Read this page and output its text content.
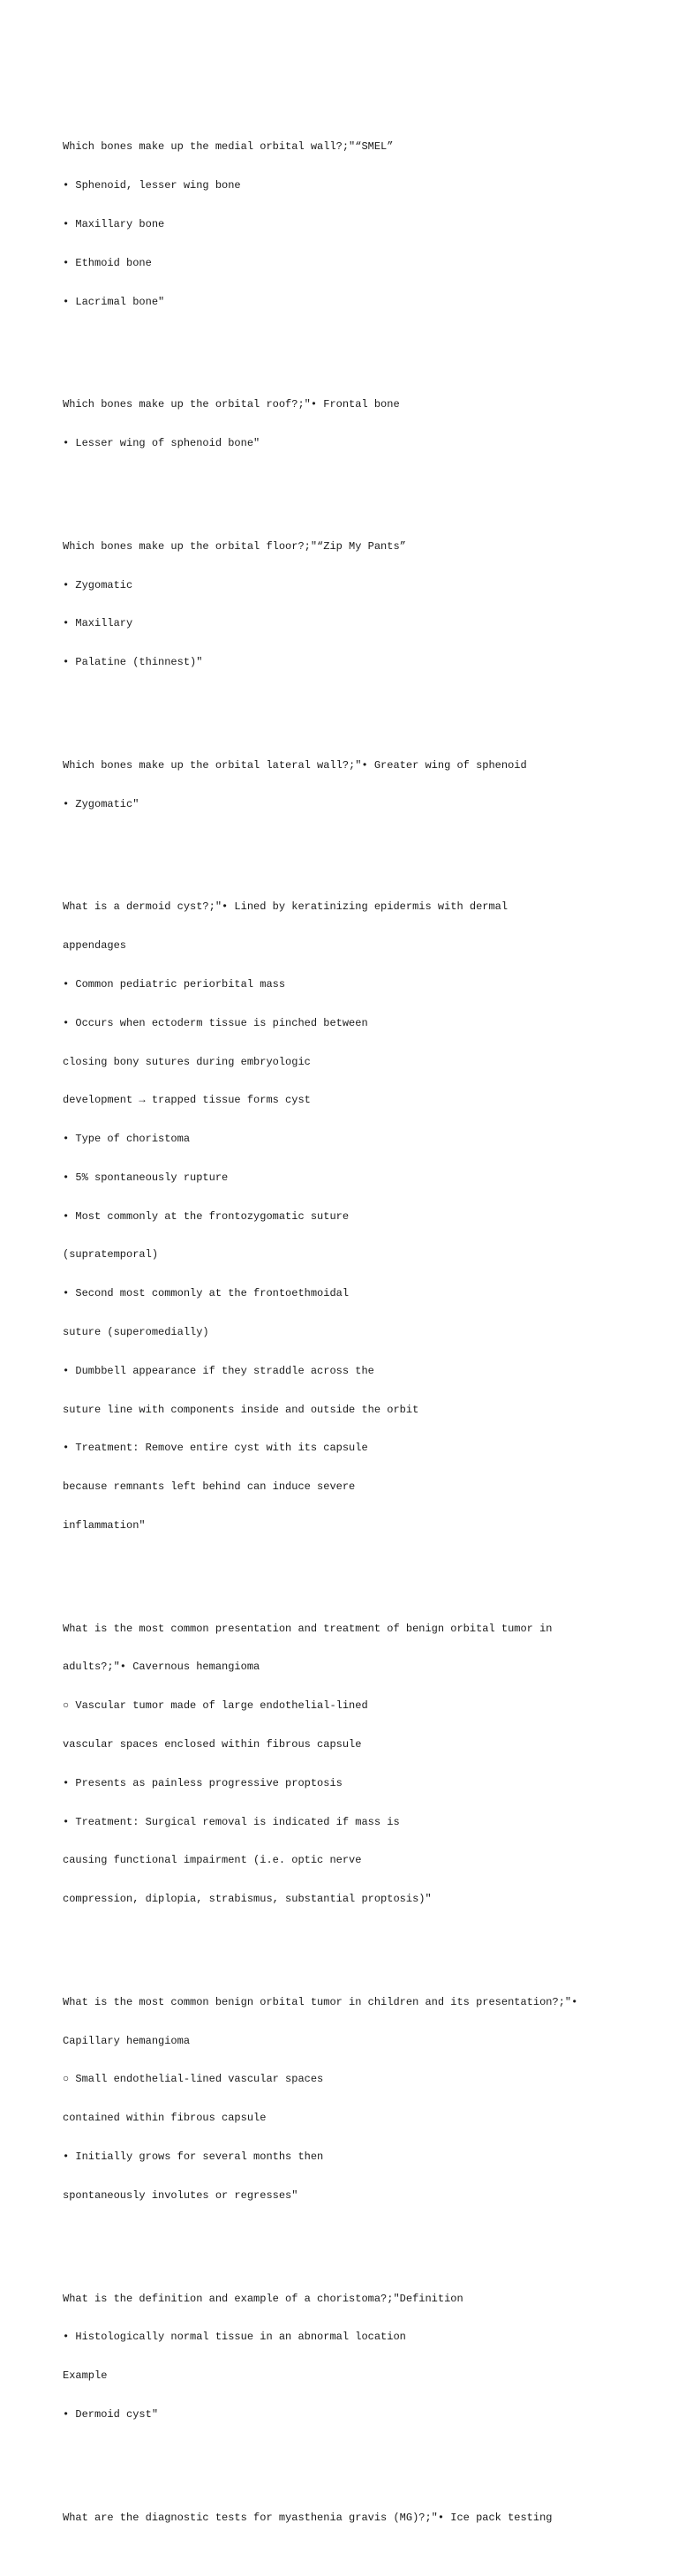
Which bones make up the medial orbital wall?;"“SMEL”

• Sphenoid, lesser wing bone

• Maxillary bone

• Ethmoid bone

• Lacrimal bone"

Which bones make up the orbital roof?;"• Frontal bone

• Lesser wing of sphenoid bone"

Which bones make up the orbital floor?;"“Zip My Pants”

• Zygomatic

• Maxillary

• Palatine (thinnest)"

Which bones make up the orbital lateral wall?;"• Greater wing of sphenoid

• Zygomatic"

What is a dermoid cyst?;"• Lined by keratinizing epidermis with dermal

appendages

• Common pediatric periorbital mass

• Occurs when ectoderm tissue is pinched between

closing bony sutures during embryologic

development → trapped tissue forms cyst

• Type of choristoma

• 5% spontaneously rupture

• Most commonly at the frontozygomatic suture

(supratemporal)

• Second most commonly at the frontoethmoidal

suture (superomedially)

• Dumbbell appearance if they straddle across the

suture line with components inside and outside the orbit

• Treatment: Remove entire cyst with its capsule

because remnants left behind can induce severe

inflammation"

What is the most common presentation and treatment of benign orbital tumor in

adults?;"• Cavernous hemangioma

○ Vascular tumor made of large endothelial-lined

vascular spaces enclosed within fibrous capsule

• Presents as painless progressive proptosis

• Treatment: Surgical removal is indicated if mass is

causing functional impairment (i.e. optic nerve

compression, diplopia, strabismus, substantial proptosis)"

What is the most common benign orbital tumor in children and its presentation?;"•

Capillary hemangioma

○ Small endothelial-lined vascular spaces

contained within fibrous capsule

• Initially grows for several months then

spontaneously involutes or regresses"

What is the definition and example of a choristoma?;"Definition

• Histologically normal tissue in an abnormal location

Example

• Dermoid cyst"

What are the diagnostic tests for myasthenia gravis (MG)?;"• Ice pack testing
